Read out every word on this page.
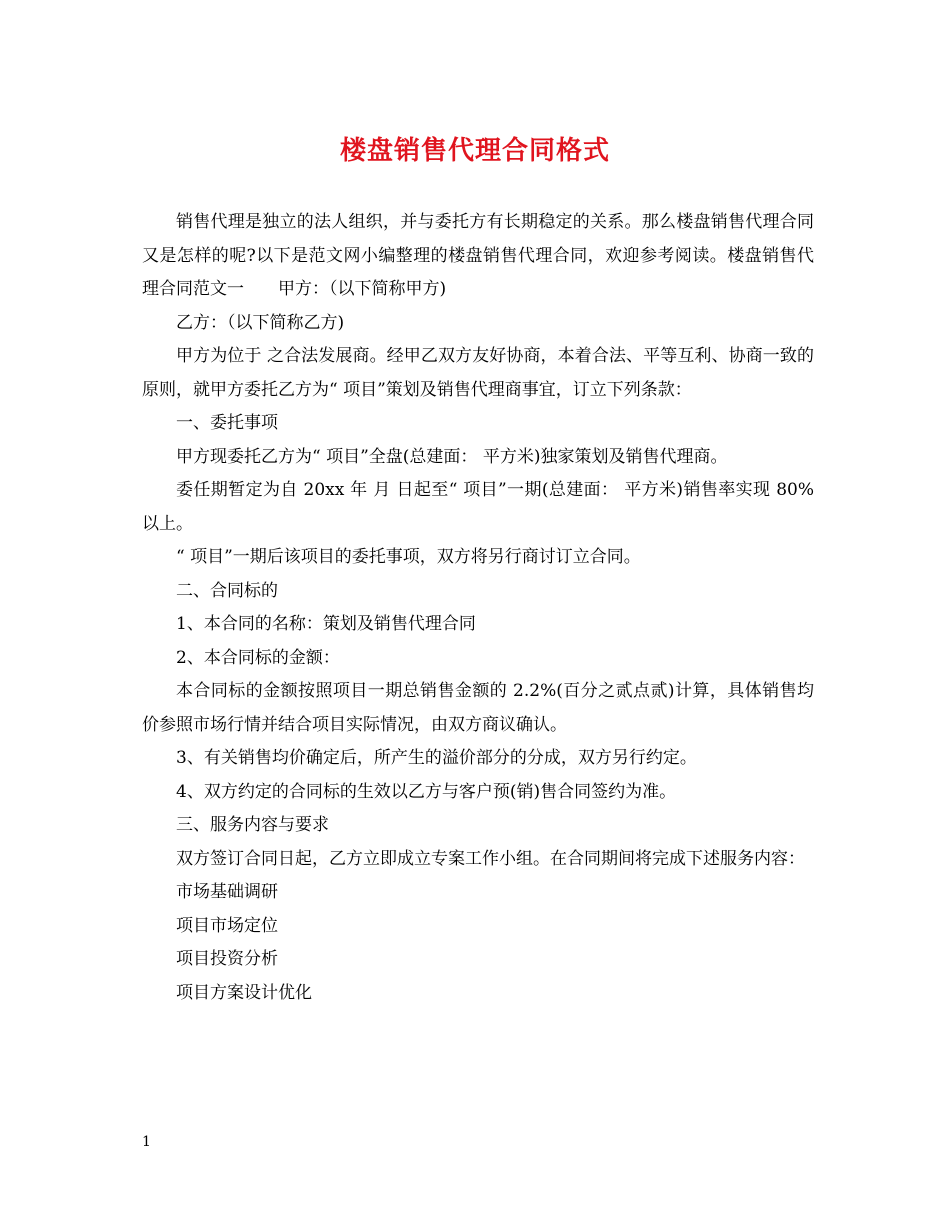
楼盘销售代理合同格式

销售代理是独立的法人组织，并与委托方有长期稳定的关系。那么楼盘销售代理合同又是怎样的呢?以下是范文网小编整理的楼盘销售代理合同，欢迎参考阅读。楼盘销售代理合同范文一　　甲方：（以下简称甲方)

乙方：（以下简称乙方)

甲方为位于 之合法发展商。经甲乙双方友好协商，本着合法、平等互利、协商一致的原则，就甲方委托乙方为“ 项目”策划及销售代理商事宜，订立下列条款：

一、委托事项

甲方现委托乙方为“ 项目”全盘(总建面： 平方米)独家策划及销售代理商。

委任期暂定为自 20xx 年 月 日起至“ 项目”一期(总建面： 平方米)销售率实现 80%以上。

“ 项目”一期后该项目的委托事项，双方将另行商讨订立合同。

二、合同标的

1、本合同的名称：策划及销售代理合同

2、本合同标的金额：

本合同标的金额按照项目一期总销售金额的 2.2%(百分之贰点贰)计算，具体销售均价参照市场行情并结合项目实际情况，由双方商议确认。

3、有关销售均价确定后，所产生的溢价部分的分成，双方另行约定。

4、双方约定的合同标的生效以乙方与客户预(销)售合同签约为准。

三、服务内容与要求

双方签订合同日起，乙方立即成立专案工作小组。在合同期间将完成下述服务内容：

市场基础调研

项目市场定位

项目投资分析

项目方案设计优化

1
